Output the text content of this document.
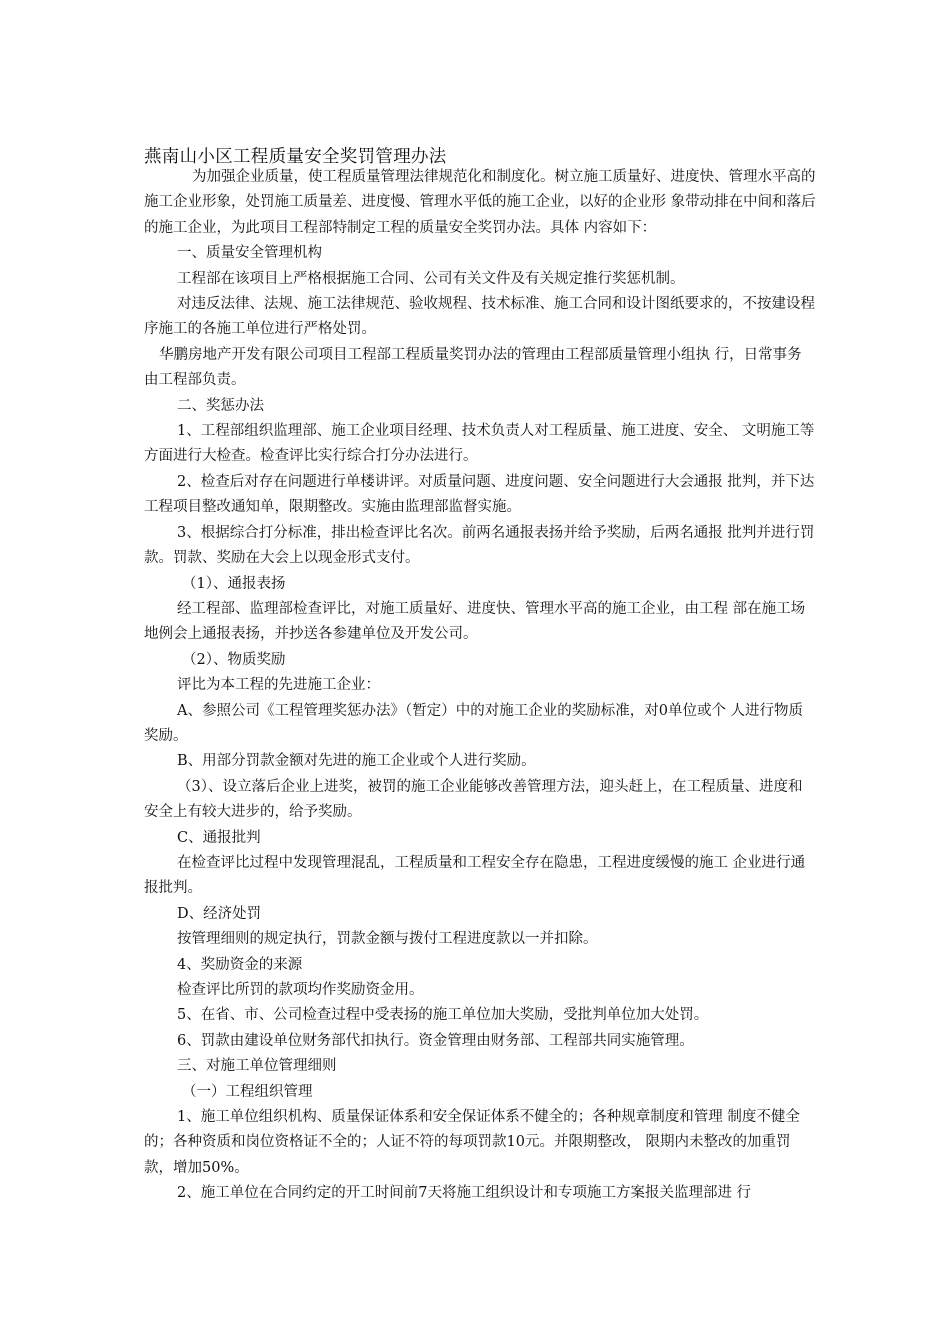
燕南山小区工程质量安全奖罚管理办法

为加强企业质量，使工程质量管理法律规范化和制度化。树立施工质量好、进度快、管理水平高的施工企业形象，处罚施工质量差、进度慢、管理水平低的施工企业，以好的企业形 象带动排在中间和落后的施工企业，为此项目工程部特制定工程的质量安全奖罚办法。具体 内容如下：

一、质量安全管理机构

工程部在该项目上严格根据施工合同、公司有关文件及有关规定推行奖惩机制。

对违反法律、法规、施工法律规范、验收规程、技术标准、施工合同和设计图纸要求的，不按建设程序施工的各施工单位进行严格处罚。

华鹏房地产开发有限公司项目工程部工程质量奖罚办法的管理由工程部质量管理小组执 行，日常事务由工程部负责。

二、奖惩办法

1、工程部组织监理部、施工企业项目经理、技术负责人对工程质量、施工进度、安全、 文明施工等方面进行大检查。检查评比实行综合打分办法进行。

2、检查后对存在问题进行单楼讲评。对质量问题、进度问题、安全问题进行大会通报 批判，并下达工程项目整改通知单，限期整改。实施由监理部监督实施。

3、根据综合打分标准，排出检查评比名次。前两名通报表扬并给予奖励，后两名通报 批判并进行罚款。罚款、奖励在大会上以现金形式支付。

（1）、通报表扬

经工程部、监理部检查评比，对施工质量好、进度快、管理水平高的施工企业，由工程 部在施工场地例会上通报表扬，并抄送各参建单位及开发公司。

（2）、物质奖励

评比为本工程的先进施工企业：

A、参照公司《工程管理奖惩办法》（暂定）中的对施工企业的奖励标准，对0单位或个 人进行物质奖励。

B、用部分罚款金额对先进的施工企业或个人进行奖励。

（3）、设立落后企业上进奖，被罚的施工企业能够改善管理方法，迎头赶上，在工程质量、进度和安全上有较大进步的，给予奖励。

C、通报批判

在检查评比过程中发现管理混乱，工程质量和工程安全存在隐患，工程进度缓慢的施工 企业进行通报批判。

D、经济处罚

按管理细则的规定执行，罚款金额与拨付工程进度款以一并扣除。

4、奖励资金的来源

检查评比所罚的款项均作奖励资金用。

5、在省、市、公司检查过程中受表扬的施工单位加大奖励，受批判单位加大处罚。

6、罚款由建设单位财务部代扣执行。资金管理由财务部、工程部共同实施管理。

三、对施工单位管理细则

（一）工程组织管理

1、施工单位组织机构、质量保证体系和安全保证体系不健全的；各种规章制度和管理 制度不健全的；各种资质和岗位资格证不全的；人证不符的每项罚款10元。并限期整改， 限期内未整改的加重罚款，增加50%。

2、施工单位在合同约定的开工时间前7天将施工组织设计和专项施工方案报关监理部进 行
